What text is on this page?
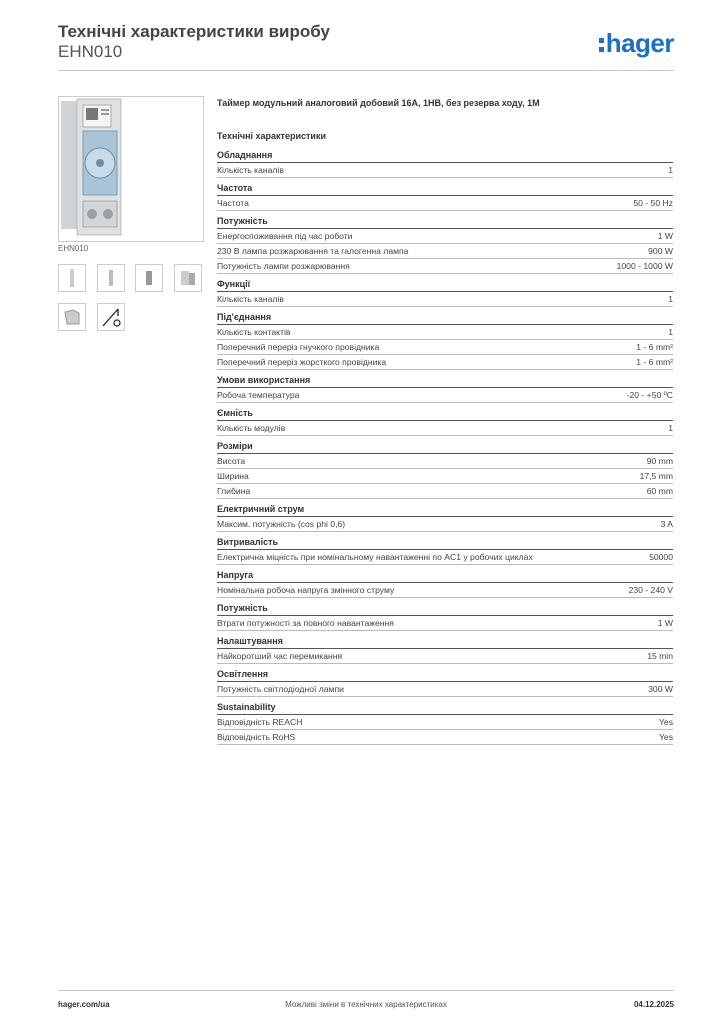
Технічні характеристики виробу
EHN010	hager
EHN010
Таймер модульний аналоговий добовий 16А, 1НВ, без резерва ходу, 1М
Технічні характеристики
Обладнання
Кількість каналів	1
Частота
Частота	50 - 50 Hz
Потужність
Енергоспоживання під час роботи	1 W
230 В лампа розжарювання та галогенна лампа	900 W
Потужність лампи розжарювання	1000 - 1000 W
Функції
Кількість каналів	1
Під'єднання
Кількість контактів	1
Поперечний переріз гнучкого провідника	1 - 6 mm²
Поперечний переріз жорсткого провідника	1 - 6 mm²
Умови використання
Робоча температура	-20 - +50 ºC
Ємність
Кількість модулів	1
Розміри
Висота	90 mm
Ширина	17,5 mm
Глибина	60 mm
Електричний струм
Максим. потужність (cos phi 0,6)	3 A
Витривалість
Електрична міцність при номінальному навантаженні по AC1 у робочих циклах	50000
Напруга
Номінальна робоча напруга змінного струму	230 - 240 V
Потужність
Втрати потужності за повного навантаження	1 W
Налаштування
Найкоротший час перемикання	15 min
Освітлення
Потужність світлодіодної лампи	300 W
Sustainability
Відповідність REACH	Yes
Відповідність RoHS	Yes
Можливі зміни в технічних характеристиках
hager.com/ua	04.12.2025
